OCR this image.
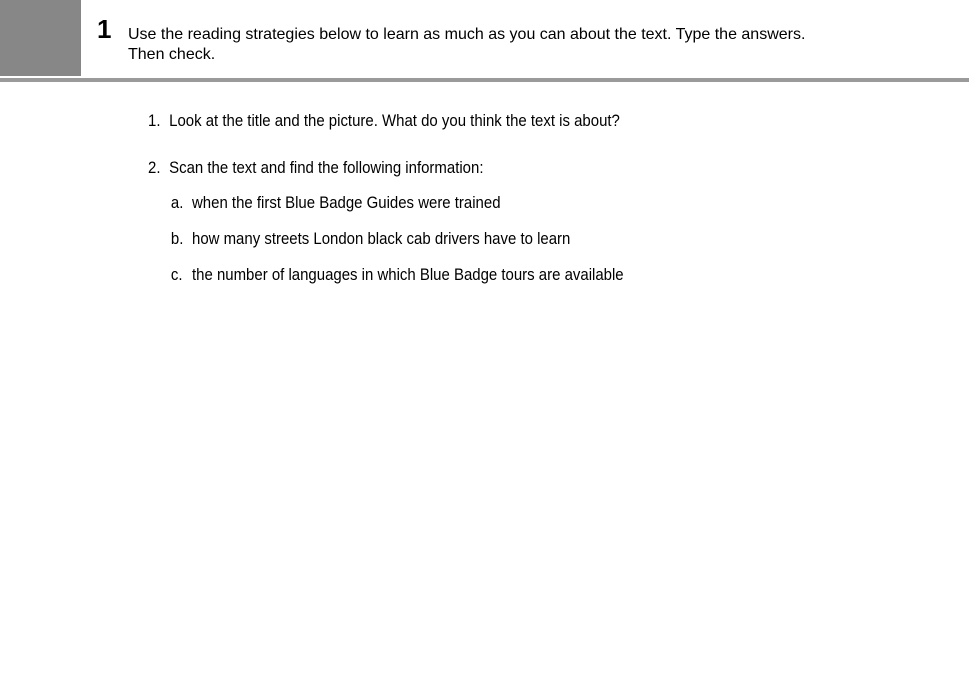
1 Use the reading strategies below to learn as much as you can about the text. Type the answers.
Then check.
1. Look at the title and the picture. What do you think the text is about?
2. Scan the text and find the following information:
a. when the first Blue Badge Guides were trained
b. how many streets London black cab drivers have to learn
c. the number of languages in which Blue Badge tours are available
